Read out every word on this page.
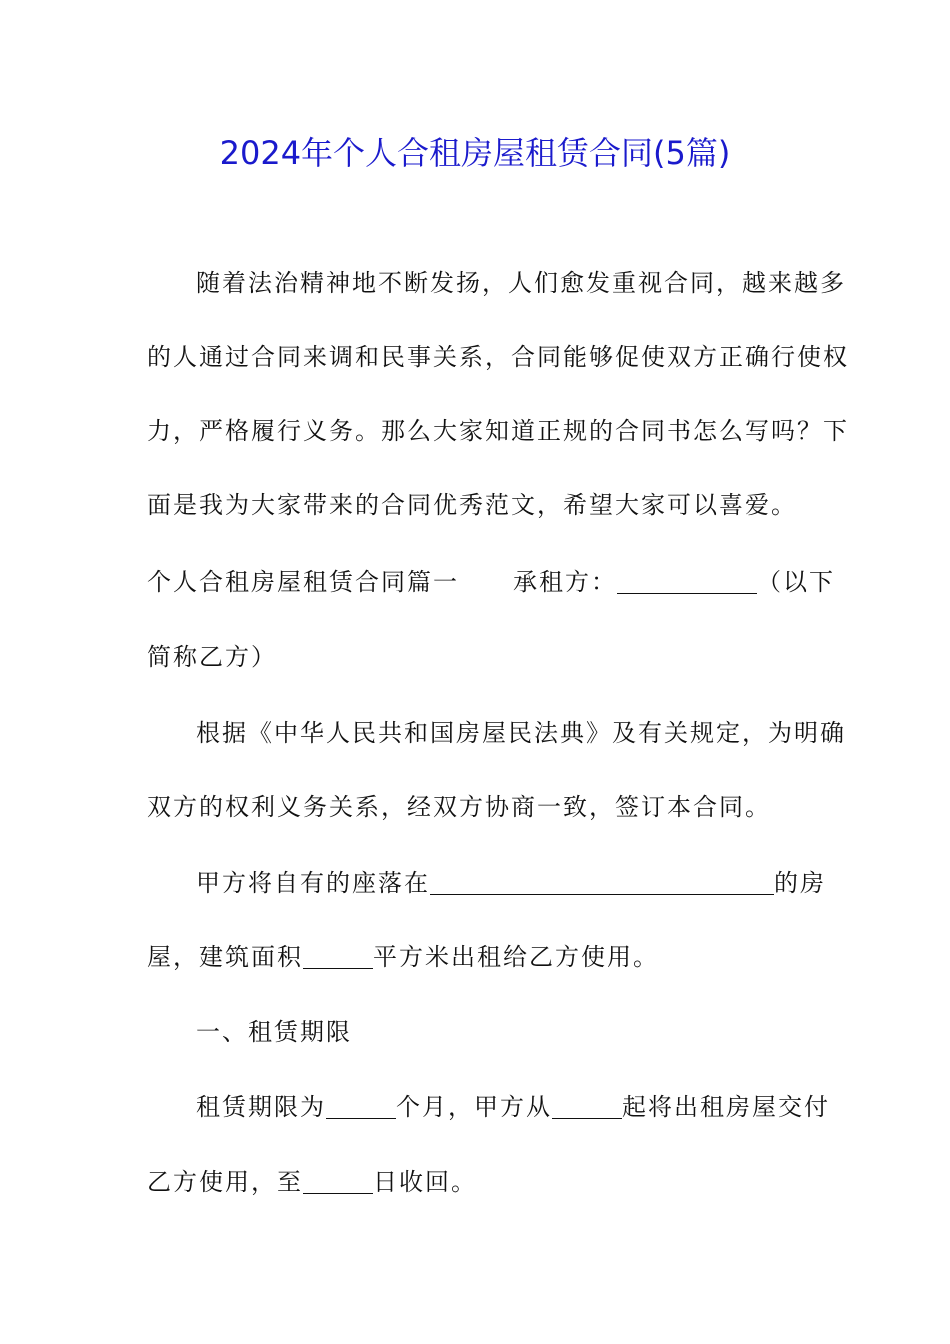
2024年个人合租房屋租赁合同(5篇)
随着法治精神地不断发扬，人们愈发重视合同，越来越多
的人通过合同来调和民事关系，合同能够促使双方正确行使权
力，严格履行义务。那么大家知道正规的合同书怎么写吗？下
面是我为大家带来的合同优秀范文，希望大家可以喜爱。
个人合租房屋租赁合同篇一 承租方：	（以下
简称乙方）
根据《中华人民共和国房屋民法典》及有关规定，为明确
双方的权利义务关系，经双方协商一致，签订本合同。
甲方将自有的座落在	的房
屋，建筑面积	平方米出租给乙方使用。
一、租赁期限
租赁期限为	个月，甲方从	起将出租房屋交付
乙方使用，至	日收回。
